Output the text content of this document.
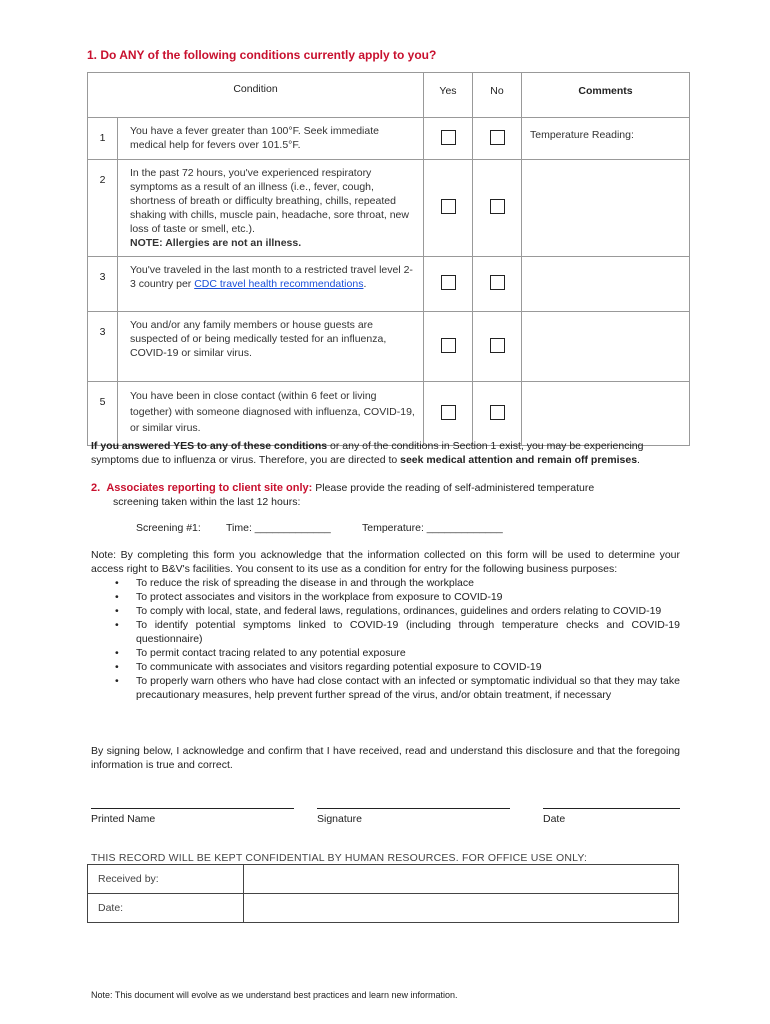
1. Do ANY of the following conditions currently apply to you?
Condition		Yes	No	Comments
1	You have a fever greater than 100°F. Seek immediate medical help for fevers over 101.5°F.			Temperature Reading:
2	In the past 72 hours, you've experienced respiratory symptoms as a result of an illness (i.e., fever, cough, shortness of breath or difficulty breathing, chills, repeated shaking with chills, muscle pain, headache, sore throat, new loss of taste or smell, etc.).
NOTE: Allergies are not an illness.			
3	You've traveled in the last month to a restricted travel level 2-3 country per CDC travel health recommendations.			
3	You and/or any family members or house guests are suspected of or being medically tested for an influenza, COVID-19 or similar virus.			
5	You have been in close contact (within 6 feet or living together) with someone diagnosed with influenza, COVID-19, or similar virus.			
If you answered YES to any of these conditions or any of the conditions in Section 1 exist, you may be experiencing symptoms due to influenza or virus. Therefore, you are directed to seek medical attention and remain off premises.
2. Associates reporting to client site only: Please provide the reading of self-administered temperature
screening taken within the last 12 hours:
Screening #1: Time: _____________	Temperature: _____________
Note: By completing this form you acknowledge that the information collected on this form will be used to determine your access right to B&V's facilities. You consent to its use as a condition for entry for the following business purposes:
• To reduce the risk of spreading the disease in and through the workplace
• To protect associates and visitors in the workplace from exposure to COVID-19
• To comply with local, state, and federal laws, regulations, ordinances, guidelines and orders relating to COVID-19
• To identify potential symptoms linked to COVID-19 (including through temperature checks and COVID-19 questionnaire)
• To permit contact tracing related to any potential exposure
• To communicate with associates and visitors regarding potential exposure to COVID-19
• To properly warn others who have had close contact with an infected or symptomatic individual so that they may take precautionary measures, help prevent further spread of the virus, and/or obtain treatment, if necessary
By signing below, I acknowledge and confirm that I have received, read and understand this disclosure and that the foregoing information is true and correct.
Printed Name	Signature	Date
THIS RECORD WILL BE KEPT CONFIDENTIAL BY HUMAN RESOURCES. FOR OFFICE USE ONLY:
Received by:	
Date:	
Note: This document will evolve as we understand best practices and learn new information.
